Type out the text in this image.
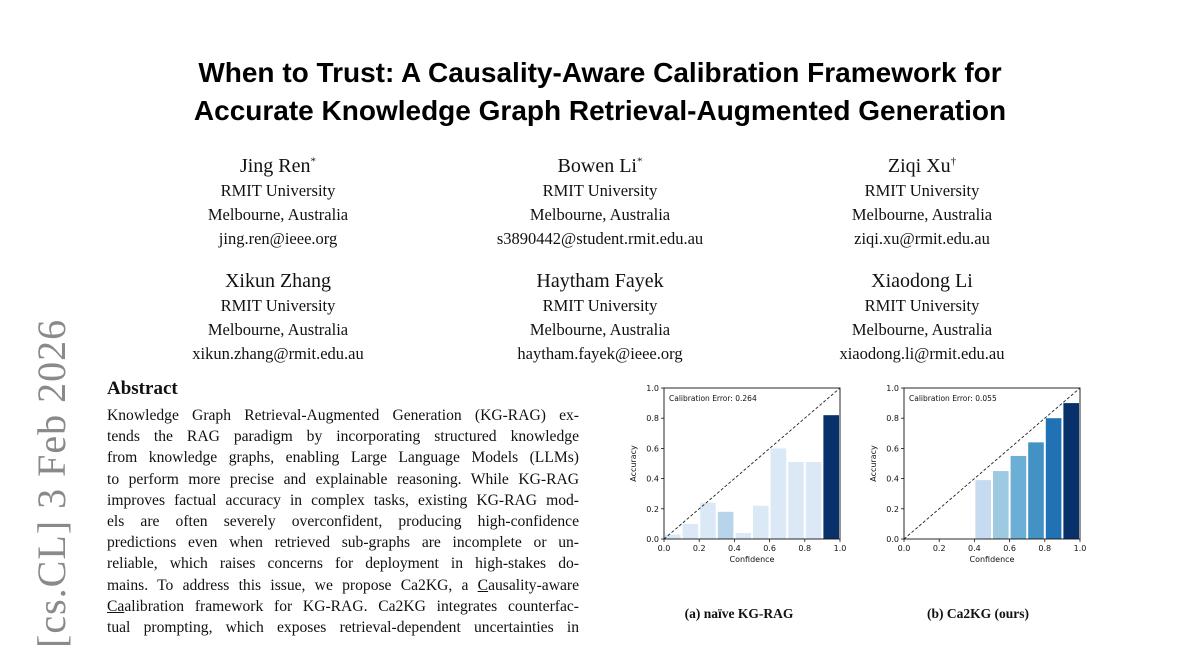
[cs.CL] 3 Feb 2026
When to Trust: A Causality-Aware Calibration Framework for
Accurate Knowledge Graph Retrieval-Augmented Generation
Jing Ren*
RMIT University
Melbourne, Australia
jing.ren@ieee.org
Bowen Li*
RMIT University
Melbourne, Australia
s3890442@student.rmit.edu.au
Ziqi Xu†
RMIT University
Melbourne, Australia
ziqi.xu@rmit.edu.au
Xikun Zhang
RMIT University
Melbourne, Australia
xikun.zhang@rmit.edu.au
Haytham Fayek
RMIT University
Melbourne, Australia
haytham.fayek@ieee.org
Xiaodong Li
RMIT University
Melbourne, Australia
xiaodong.li@rmit.edu.au
Abstract
Knowledge Graph Retrieval-Augmented Generation (KG-RAG) ex-
tends the RAG paradigm by incorporating structured knowledge
from knowledge graphs, enabling Large Language Models (LLMs)
to perform more precise and explainable reasoning. While KG-RAG
improves factual accuracy in complex tasks, existing KG-RAG mod-
els are often severely overconfident, producing high-confidence
predictions even when retrieved sub-graphs are incomplete or un-
reliable, which raises concerns for deployment in high-stakes do-
mains. To address this issue, we propose Ca2KG, a Causality-aware
Caalibration framework for KG-RAG. Ca2KG integrates counterfac-
tual prompting, which exposes retrieval-dependent uncertainties in
0.0	0.2	0.4	0.6	0.8	1.0
0.0
0.2
0.4
0.6
0.8
1.0
Confidence
Accuracy
Calibration Error: 0.264
0.0	0.2	0.4	0.6	0.8	1.0
0.0
0.2
0.4
0.6
0.8
1.0
Confidence
Accuracy
Calibration Error: 0.055
(a) naïve KG-RAG	(b) Ca2KG (ours)
